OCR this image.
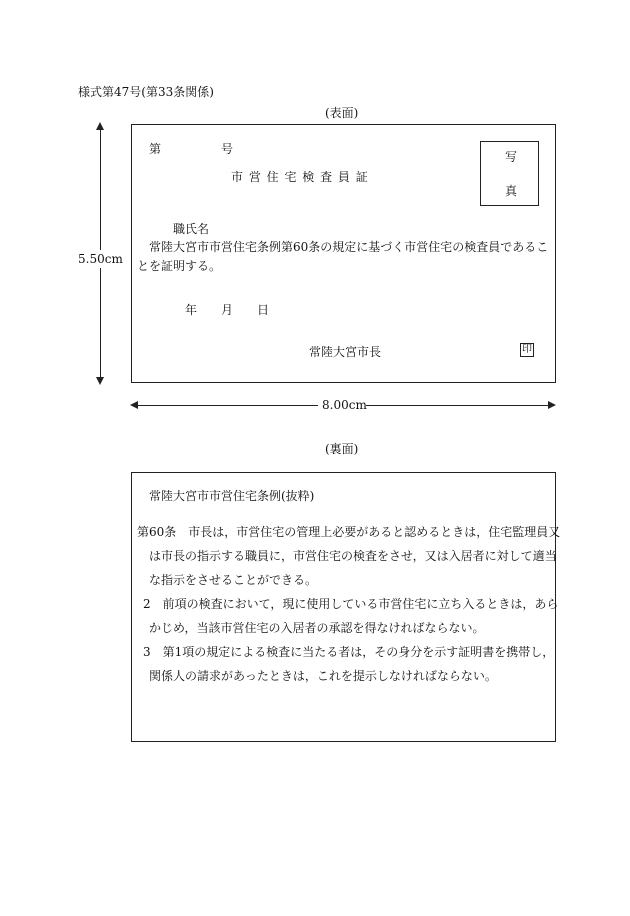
様式第47号(第33条関係)
(表面)
5.50cm
第	号
市 営 住 宅 検 査 員 証
写
真
職氏名
常陸大宮市市営住宅条例第60条の規定に基づく市営住宅の検査員であるこ
とを証明する。
年 月 日
常陸大宮市長	印
8.00cm
(裏面)
常陸大宮市市営住宅条例(抜粋)
第60条　市長は，市営住宅の管理上必要があると認めるときは，住宅監理員又
は市長の指示する職員に，市営住宅の検査をさせ，又は入居者に対して適当
な指示をさせることができる。
2　前項の検査において，現に使用している市営住宅に立ち入るときは，あら
かじめ，当該市営住宅の入居者の承認を得なければならない。
3　第1項の規定による検査に当たる者は，その身分を示す証明書を携帯し，
関係人の請求があったときは，これを提示しなければならない。
